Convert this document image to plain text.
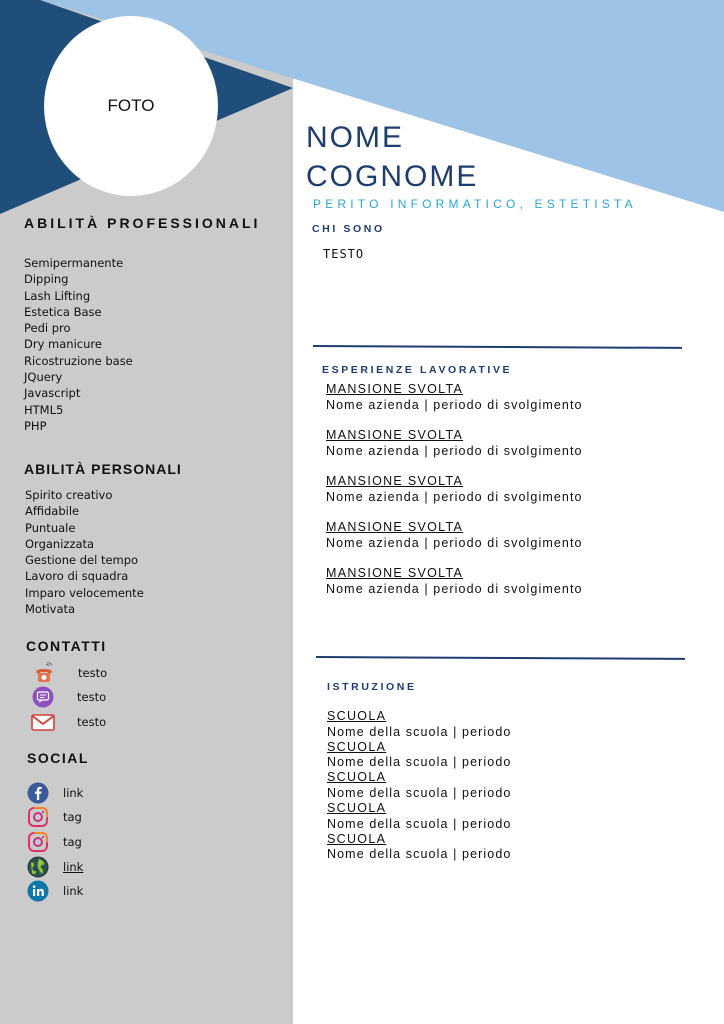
FOTO
ABILITÀ PROFESSIONALI
Semipermanente
Dipping
Lash Lifting
Estetica Base
Pedi pro
Dry manicure
Ricostruzione base
JQuery
Javascript
HTML5
PHP
ABILITÀ PERSONALI
Spirito creativo
Affidabile
Puntuale
Organizzata
Gestione del tempo
Lavoro di squadra
Imparo velocemente
Motivata
CONTATTI
testo
testo
testo
SOCIAL
link
tag
tag
link
link
NOME
COGNOME
PERITO INFORMATICO, ESTETISTA
CHI SONO
TESTO
ESPERIENZE LAVORATIVE
MANSIONE SVOLTA
Nome azienda | periodo di svolgimento
MANSIONE SVOLTA
Nome azienda | periodo di svolgimento
MANSIONE SVOLTA
Nome azienda | periodo di svolgimento
MANSIONE SVOLTA
Nome azienda | periodo di svolgimento
MANSIONE SVOLTA
Nome azienda | periodo di svolgimento
ISTRUZIONE
SCUOLA
Nome della scuola | periodo
SCUOLA
Nome della scuola | periodo
SCUOLA
Nome della scuola | periodo
SCUOLA
Nome della scuola | periodo
SCUOLA
Nome della scuola | periodo
